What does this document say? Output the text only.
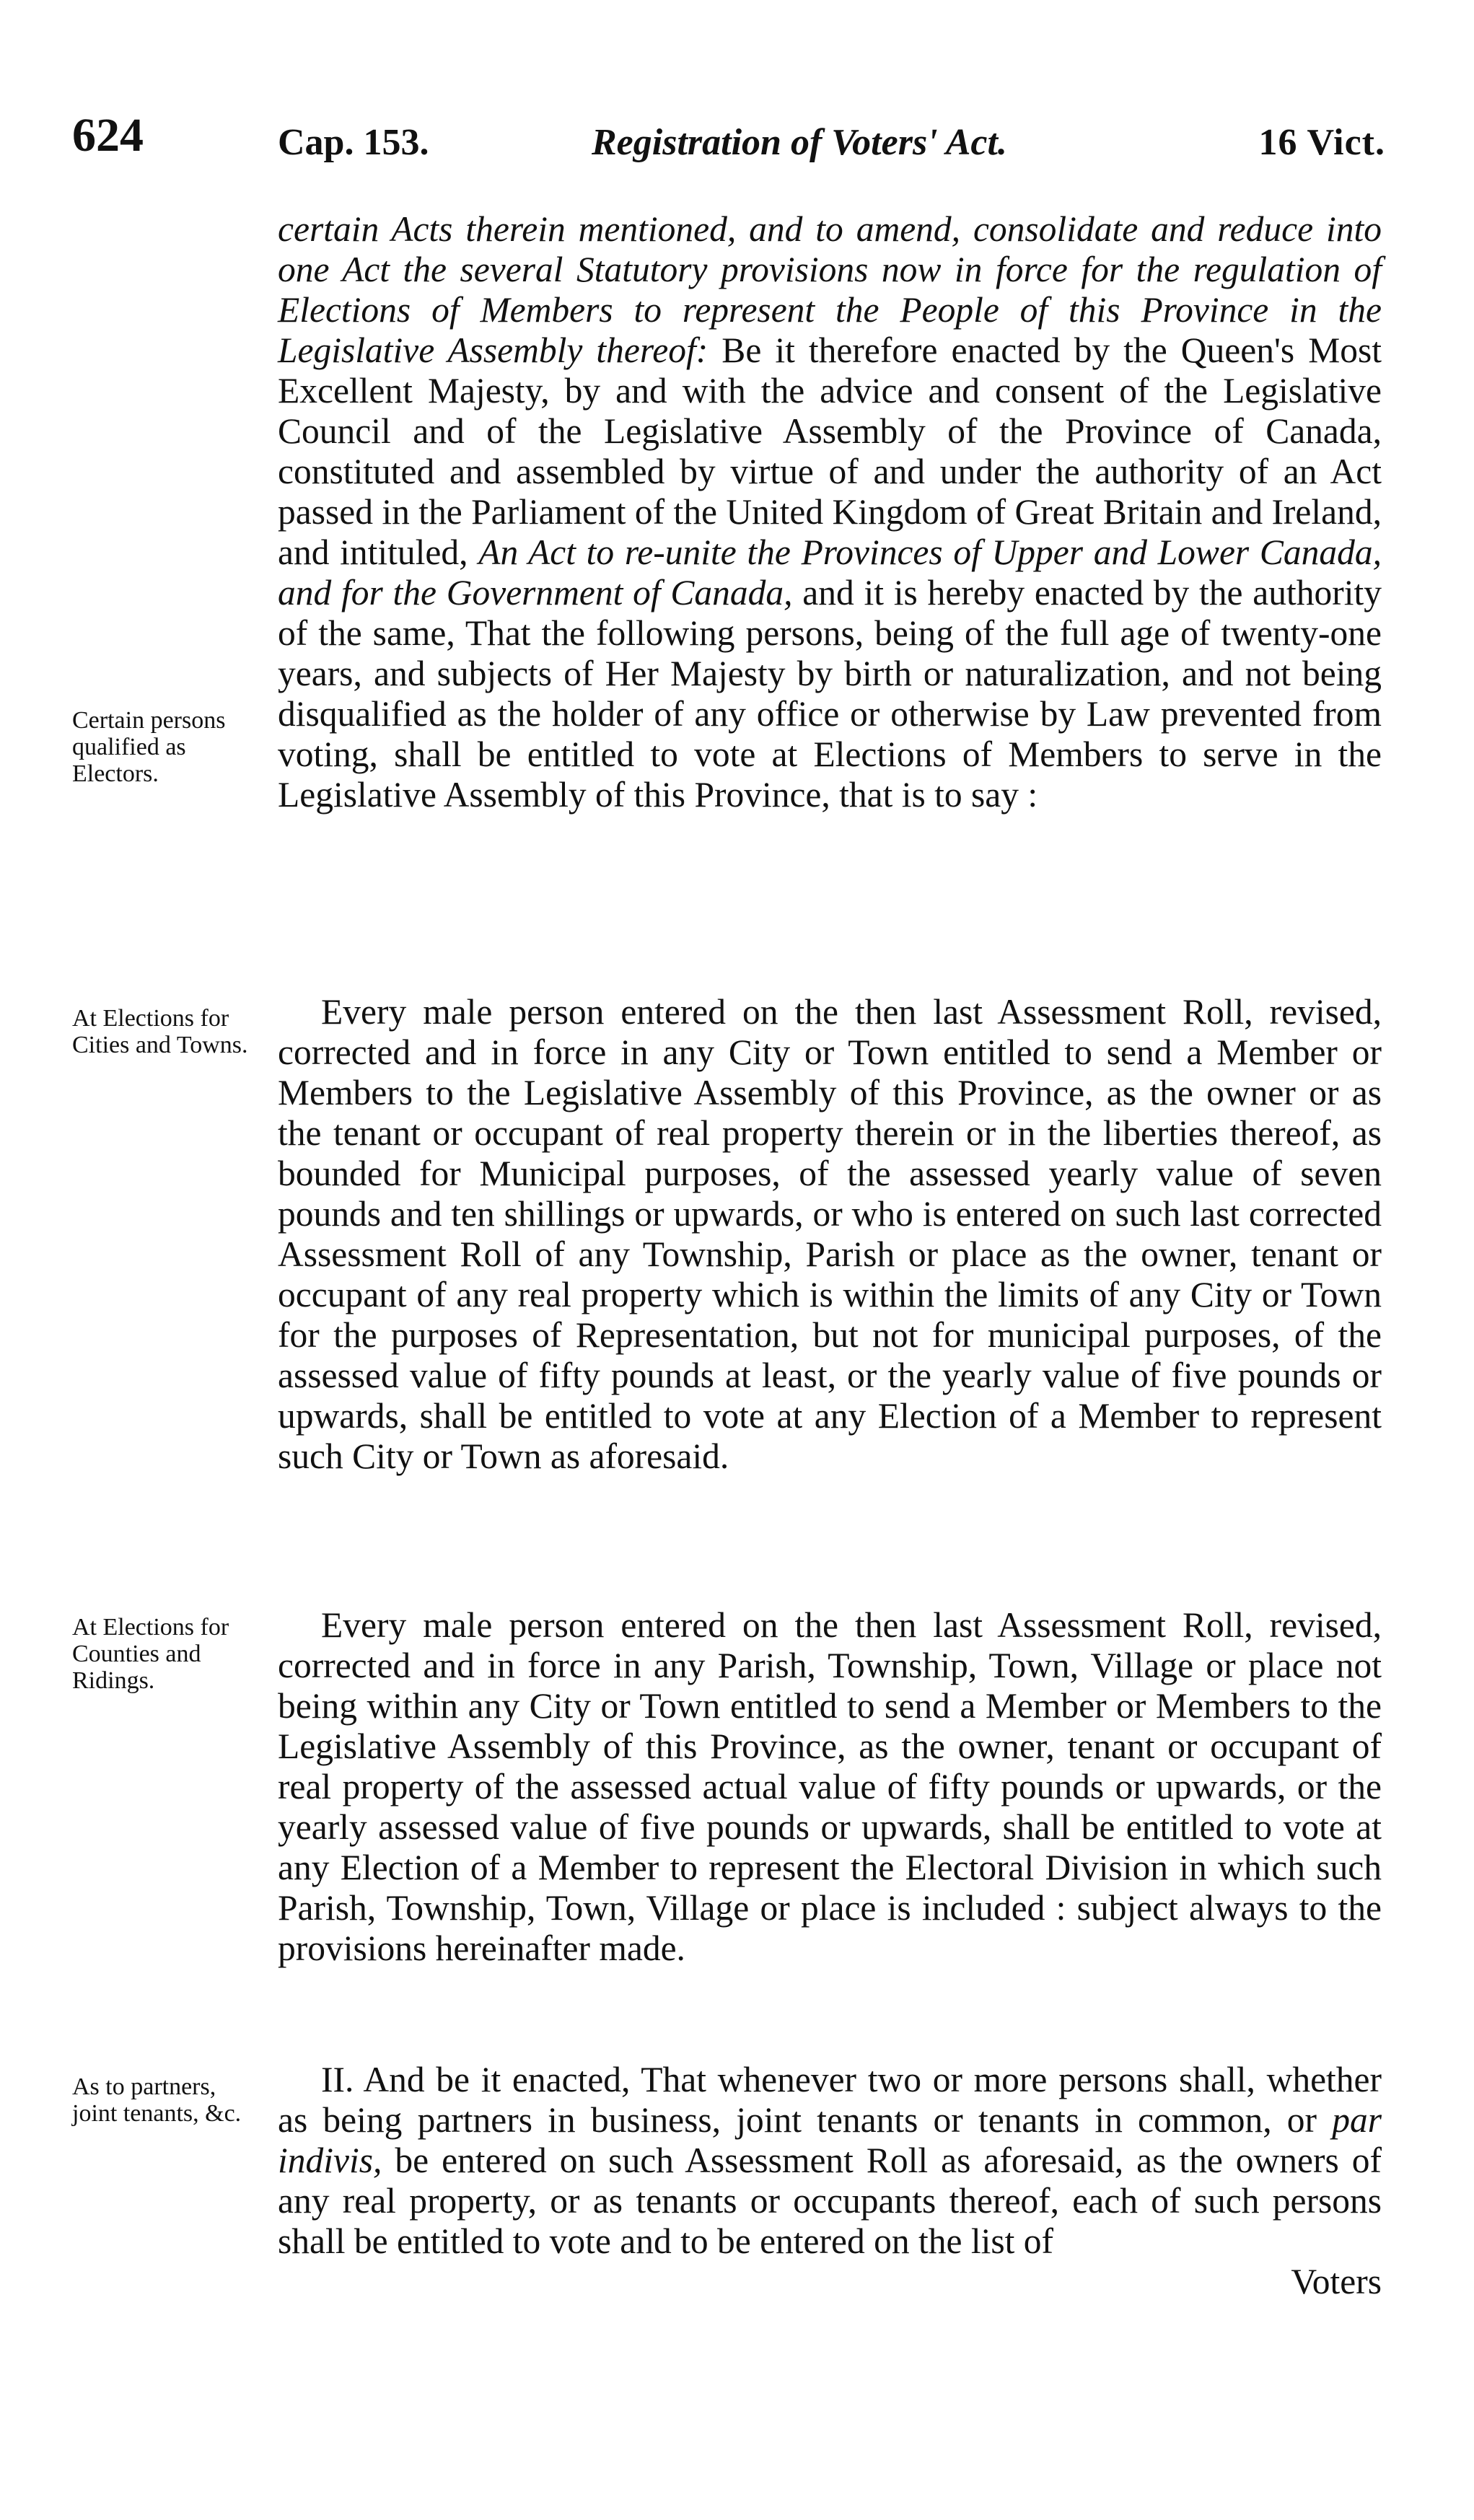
624	Cap. 153.	Registration of Voters' Act.	16 Vict.

certain Acts therein mentioned, and to amend, consolidate and reduce into one Act the several Statutory provisions now in force for the regulation of Elections of Members to represent the People of this Province in the Legislative Assembly thereof: Be it therefore enacted by the Queen's Most Excellent Majesty, by and with the advice and consent of the Legislative Council and of the Legislative Assembly of the Province of Canada, constituted and assembled by virtue of and under the authority of an Act passed in the Parliament of the United Kingdom of Great Britain and Ireland, and intituled, An Act to re-unite the Provinces of Upper and Lower Canada, and for the Government of Canada, and it is hereby enacted by the authority of the same, That the following persons, being of the full age of twenty-one years, and subjects of Her Majesty by birth or naturalization, and not being disqualified as the holder of any office or otherwise by Law prevented from voting, shall be entitled to vote at Elections of Members to serve in the Legislative Assembly of this Province, that is to say :

Every male person entered on the then last Assessment Roll, revised, corrected and in force in any City or Town entitled to send a Member or Members to the Legislative Assembly of this Province, as the owner or as the tenant or occupant of real property therein or in the liberties thereof, as bounded for Municipal purposes, of the assessed yearly value of seven pounds and ten shillings or upwards, or who is entered on such last corrected Assessment Roll of any Township, Parish or place as the owner, tenant or occupant of any real property which is within the limits of any City or Town for the purposes of Representation, but not for municipal purposes, of the assessed value of fifty pounds at least, or the yearly value of five pounds or upwards, shall be entitled to vote at any Election of a Member to represent such City or Town as aforesaid.

Every male person entered on the then last Assessment Roll, revised, corrected and in force in any Parish, Township, Town, Village or place not being within any City or Town entitled to send a Member or Members to the Legislative Assembly of this Province, as the owner, tenant or occupant of real property of the assessed actual value of fifty pounds or upwards, or the yearly assessed value of five pounds or upwards, shall be entitled to vote at any Election of a Member to represent the Electoral Division in which such Parish, Township, Town, Village or place is included : subject always to the provisions hereinafter made.

II. And be it enacted, That whenever two or more persons shall, whether as being partners in business, joint tenants or tenants in common, or par indivis, be entered on such Assessment Roll as aforesaid, as the owners of any real property, or as tenants or occupants thereof, each of such persons shall be entitled to vote and to be entered on the list of

Voters

Certain persons qualified as Electors.
At Elections for Cities and Towns.
At Elections for Counties and Ridings.
As to partners, joint tenants, &c.
